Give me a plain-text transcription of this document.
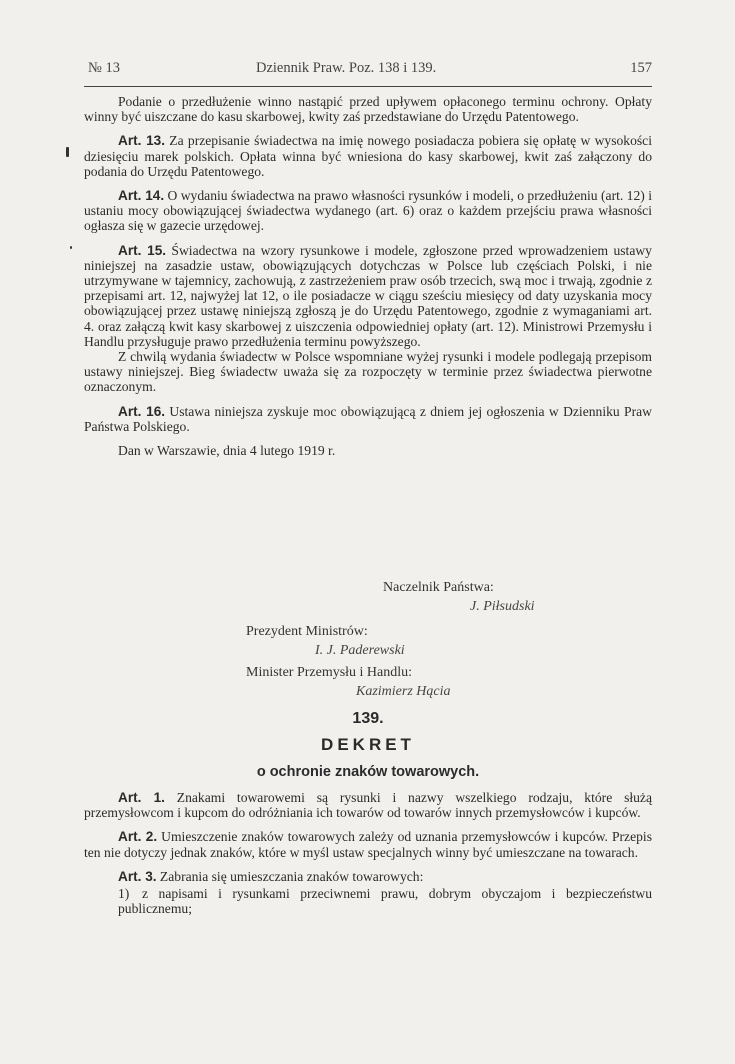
№ 13	Dziennik Praw. Poz. 138 i 139.	157

Podanie o przedłużenie winno nastąpić przed upływem opłaconego terminu ochrony. Opłaty winny być uiszczane do kasu skarbowej, kwity zaś przedstawiane do Urzędu Patentowego.

Art. 13. Za przepisanie świadectwa na imię nowego posiadacza pobiera się opłatę w wysokości dziesięciu marek polskich. Opłata winna być wniesiona do kasy skarbowej, kwit zaś załączony do podania do Urzędu Patentowego.

Art. 14. O wydaniu świadectwa na prawo własności rysunków i modeli, o przedłużeniu (art. 12) i ustaniu mocy obowiązującej świadectwa wydanego (art. 6) oraz o każdem przejściu prawa własności ogłasza się w gazecie urzędowej.

Art. 15. Świadectwa na wzory rysunkowe i modele, zgłoszone przed wprowadzeniem ustawy niniejszej na zasadzie ustaw, obowiązujących dotychczas w Polsce lub częściach Polski, i nie utrzymywane w tajemnicy, zachowują, z zastrzeżeniem praw osób trzecich, swą moc i trwają, zgodnie z przepisami art. 12, najwyżej lat 12, o ile posiadacze w ciągu sześciu miesięcy od daty uzyskania mocy obowiązującej przez ustawę niniejszą zgłoszą je do Urzędu Patentowego, zgodnie z wymaganiami art. 4. oraz załączą kwit kasy skarbowej z uiszczenia odpowiedniej opłaty (art. 12). Ministrowi Przemysłu i Handlu przysługuje prawo przedłużenia terminu powyższego.

Z chwilą wydania świadectw w Polsce wspomniane wyżej rysunki i modele podlegają przepisom ustawy niniejszej. Bieg świadectw uważa się za rozpoczęty w terminie przez świadectwa pierwotne oznaczonym.

Art. 16. Ustawa niniejsza zyskuje moc obowiązującą z dniem jej ogłoszenia w Dzienniku Praw Państwa Polskiego.

Dan w Warszawie, dnia 4 lutego 1919 r.

Naczelnik Państwa:
J. Piłsudski
Prezydent Ministrów:
I. J. Paderewski
Minister Przemysłu i Handlu:
Kazimierz Hącia
139.
DEKRET
o ochronie znaków towarowych.

Art. 1. Znakami towarowemi są rysunki i nazwy wszelkiego rodzaju, które służą przemysłowcom i kupcom do odróżniania ich towarów od towarów innych przemysłowców i kupców.

Art. 2. Umieszczenie znaków towarowych zależy od uznania przemysłowców i kupców. Przepis ten nie dotyczy jednak znaków, które w myśl ustaw specjalnych winny być umieszczane na towarach.

Art. 3. Zabrania się umieszczania znaków towarowych:

1) z napisami i rysunkami przeciwnemi prawu, dobrym obyczajom i bezpieczeństwu publicznemu;
